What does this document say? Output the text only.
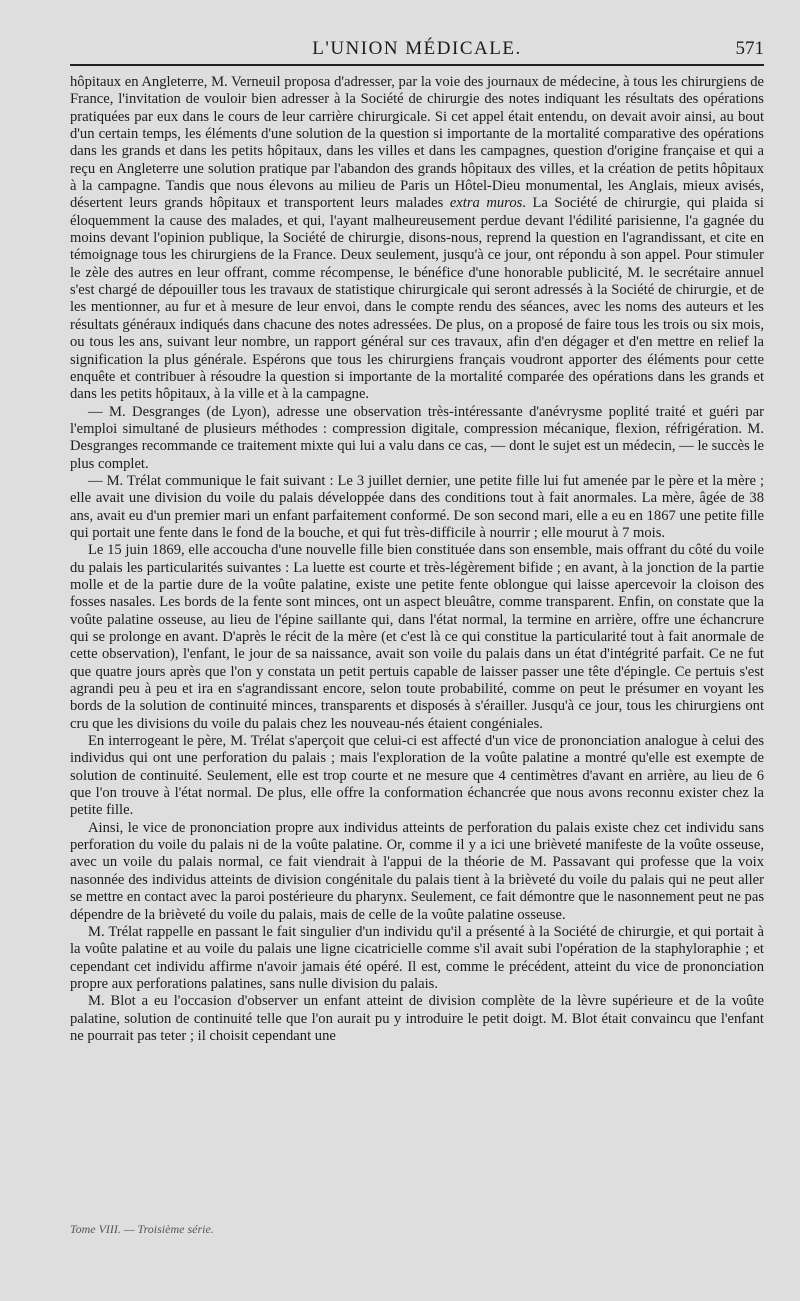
L'UNION MÉDICALE.	571

hôpitaux en Angleterre, M. Verneuil proposa d'adresser, par la voie des journaux de médecine, à tous les chirurgiens de France, l'invitation de vouloir bien adresser à la Société de chirurgie des notes indiquant les résultats des opérations pratiquées par eux dans le cours de leur carrière chirurgicale. Si cet appel était entendu, on devait avoir ainsi, au bout d'un certain temps, les éléments d'une solution de la question si importante de la mortalité comparative des opérations dans les grands et dans les petits hôpitaux, dans les villes et dans les campagnes, question d'origine française et qui a reçu en Angleterre une solution pratique par l'abandon des grands hôpitaux des villes, et la création de petits hôpitaux à la campagne. Tandis que nous élevons au milieu de Paris un Hôtel-Dieu monumental, les Anglais, mieux avisés, désertent leurs grands hôpitaux et transportent leurs malades extra muros. La Société de chirurgie, qui plaida si éloquemment la cause des malades, et qui, l'ayant malheureusement perdue devant l'édilité parisienne, l'a gagnée du moins devant l'opinion publique, la Société de chirurgie, disons-nous, reprend la question en l'agrandissant, et cite en témoignage tous les chirurgiens de la France. Deux seulement, jusqu'à ce jour, ont répondu à son appel. Pour stimuler le zèle des autres en leur offrant, comme récompense, le bénéfice d'une honorable publicité, M. le secrétaire annuel s'est chargé de dépouiller tous les travaux de statistique chirurgicale qui seront adressés à la Société de chirurgie, et de les mentionner, au fur et à mesure de leur envoi, dans le compte rendu des séances, avec les noms des auteurs et les résultats généraux indiqués dans chacune des notes adressées. De plus, on a proposé de faire tous les trois ou six mois, ou tous les ans, suivant leur nombre, un rapport général sur ces travaux, afin d'en dégager et d'en mettre en relief la signification la plus générale. Espérons que tous les chirurgiens français voudront apporter des éléments pour cette enquête et contribuer à résoudre la question si importante de la mortalité comparée des opérations dans les grands et dans les petits hôpitaux, à la ville et à la campagne.

— M. Desgranges (de Lyon), adresse une observation très-intéressante d'anévrysme poplité traité et guéri par l'emploi simultané de plusieurs méthodes : compression digitale, compression mécanique, flexion, réfrigération. M. Desgranges recommande ce traitement mixte qui lui a valu dans ce cas, — dont le sujet est un médecin, — le succès le plus complet.

— M. Trélat communique le fait suivant : Le 3 juillet dernier, une petite fille lui fut amenée par le père et la mère ; elle avait une division du voile du palais développée dans des conditions tout à fait anormales. La mère, âgée de 38 ans, avait eu d'un premier mari un enfant parfaitement conformé. De son second mari, elle a eu en 1867 une petite fille qui portait une fente dans le fond de la bouche, et qui fut très-difficile à nourrir ; elle mourut à 7 mois.

Le 15 juin 1869, elle accoucha d'une nouvelle fille bien constituée dans son ensemble, mais offrant du côté du voile du palais les particularités suivantes : La luette est courte et très-légèrement bifide ; en avant, à la jonction de la partie molle et de la partie dure de la voûte palatine, existe une petite fente oblongue qui laisse apercevoir la cloison des fosses nasales. Les bords de la fente sont minces, ont un aspect bleuâtre, comme transparent. Enfin, on constate que la voûte palatine osseuse, au lieu de l'épine saillante qui, dans l'état normal, la termine en arrière, offre une échancrure qui se prolonge en avant. D'après le récit de la mère (et c'est là ce qui constitue la particularité tout à fait anormale de cette observation), l'enfant, le jour de sa naissance, avait son voile du palais dans un état d'intégrité parfait. Ce ne fut que quatre jours après que l'on y constata un petit pertuis capable de laisser passer une tête d'épingle. Ce pertuis s'est agrandi peu à peu et ira en s'agrandissant encore, selon toute probabilité, comme on peut le présumer en voyant les bords de la solution de continuité minces, transparents et disposés à s'érailler. Jusqu'à ce jour, tous les chirurgiens ont cru que les divisions du voile du palais chez les nouveau-nés étaient congéniales.

En interrogeant le père, M. Trélat s'aperçoit que celui-ci est affecté d'un vice de prononciation analogue à celui des individus qui ont une perforation du palais ; mais l'exploration de la voûte palatine a montré qu'elle est exempte de solution de continuité. Seulement, elle est trop courte et ne mesure que 4 centimètres d'avant en arrière, au lieu de 6 que l'on trouve à l'état normal. De plus, elle offre la conformation échancrée que nous avons reconnu exister chez la petite fille.

Ainsi, le vice de prononciation propre aux individus atteints de perforation du palais existe chez cet individu sans perforation du voile du palais ni de la voûte palatine. Or, comme il y a ici une brièveté manifeste de la voûte osseuse, avec un voile du palais normal, ce fait viendrait à l'appui de la théorie de M. Passavant qui professe que la voix nasonnée des individus atteints de division congénitale du palais tient à la brièveté du voile du palais qui ne peut aller se mettre en contact avec la paroi postérieure du pharynx. Seulement, ce fait démontre que le nasonnement peut ne pas dépendre de la brièveté du voile du palais, mais de celle de la voûte palatine osseuse.

M. Trélat rappelle en passant le fait singulier d'un individu qu'il a présenté à la Société de chirurgie, et qui portait à la voûte palatine et au voile du palais une ligne cicatricielle comme s'il avait subi l'opération de la staphyloraphie ; et cependant cet individu affirme n'avoir jamais été opéré. Il est, comme le précédent, atteint du vice de prononciation propre aux perforations palatines, sans nulle division du palais.

M. Blot a eu l'occasion d'observer un enfant atteint de division complète de la lèvre supérieure et de la voûte palatine, solution de continuité telle que l'on aurait pu y introduire le petit doigt. M. Blot était convaincu que l'enfant ne pourrait pas teter ; il choisit cependant une

Tome VIII. — Troisième série.
